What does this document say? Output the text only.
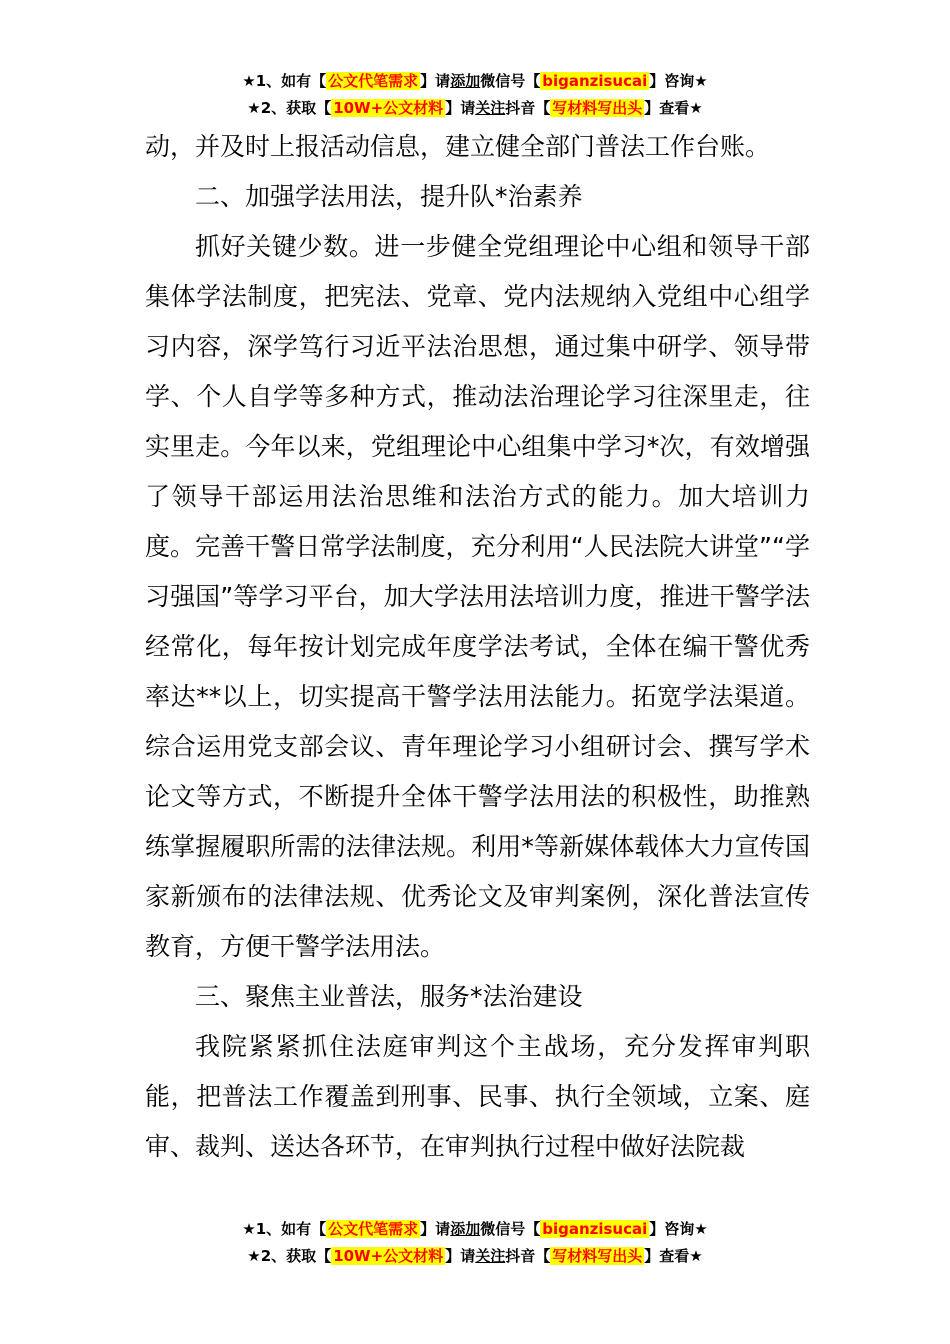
★1、如有【 公文代笔需求 】请添加微信号【 biganzisucai 】咨询★
★2、获取【 10W+公文材料 】请关注抖音【 写材料写出头 】查看★

动，并及时上报活动信息，建立健全部门普法工作台账。

二、加强学法用法，提升队*治素养

抓好关键少数。进一步健全党组理论中心组和领导干部集体学法制度，把宪法、党章、党内法规纳入党组中心组学习内容，深学笃行习近平法治思想，通过集中研学、领导带学、个人自学等多种方式，推动法治理论学习往深里走，往实里走。今年以来，党组理论中心组集中学习*次，有效增强了领导干部运用法治思维和法治方式的能力。加大培训力度。完善干警日常学法制度，充分利用“人民法院大讲堂”“学习强国”等学习平台，加大学法用法培训力度，推进干警学法经常化，每年按计划完成年度学法考试，全体在编干警优秀率达**以上，切实提高干警学法用法能力。拓宽学法渠道。综合运用党支部会议、青年理论学习小组研讨会、撰写学术论文等方式，不断提升全体干警学法用法的积极性，助推熟练掌握履职所需的法律法规。利用*等新媒体载体大力宣传国家新颁布的法律法规、优秀论文及审判案例，深化普法宣传教育，方便干警学法用法。

三、聚焦主业普法，服务*法治建设

我院紧紧抓住法庭审判这个主战场，充分发挥审判职能，把普法工作覆盖到刑事、民事、执行全领域，立案、庭审、裁判、送达各环节，在审判执行过程中做好法院裁

★1、如有【 公文代笔需求 】请添加微信号【 biganzisucai 】咨询★
★2、获取【 10W+公文材料 】请关注抖音【 写材料写出头 】查看★
